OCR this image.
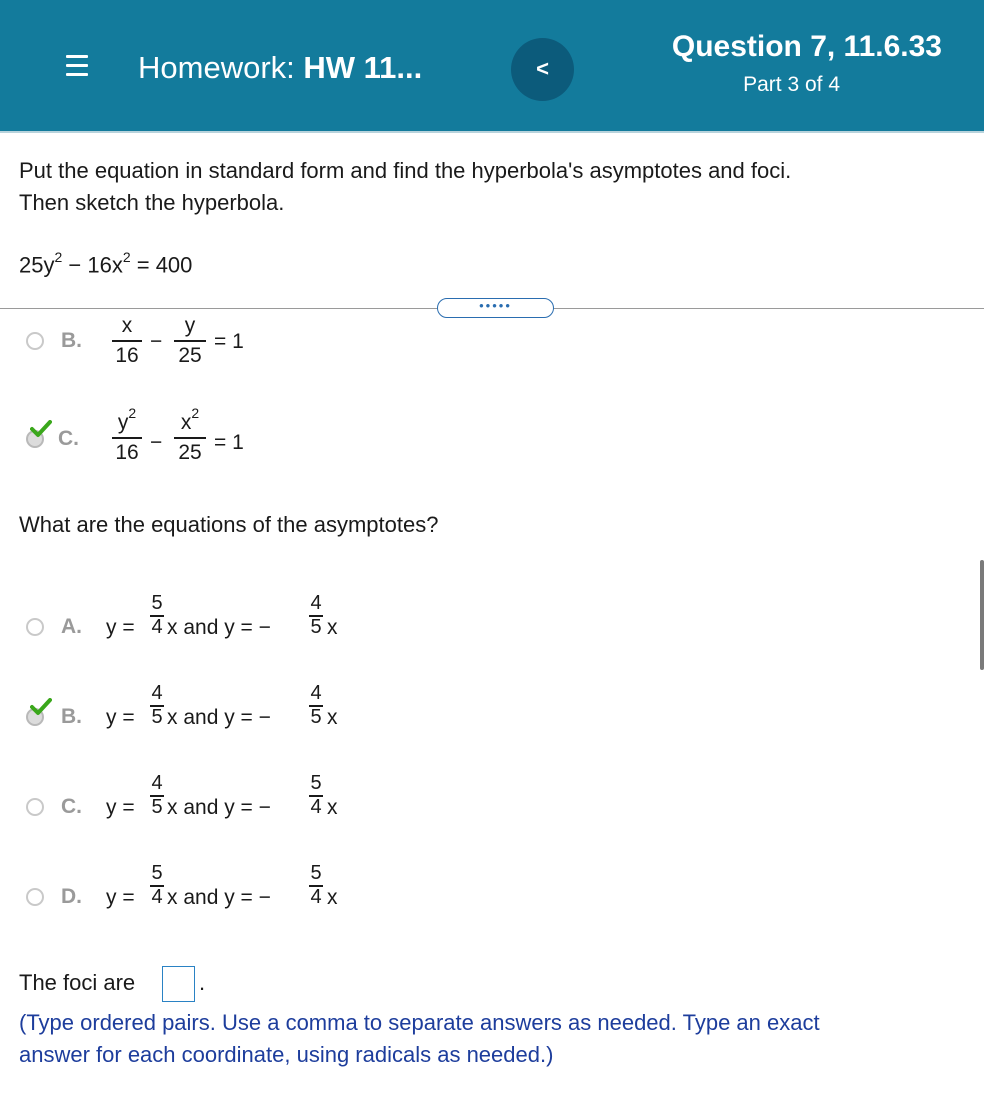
Homework: HW 11...	<
Question 7, 11.6.33
Part 3 of 4
Put the equation in standard form and find the hyperbola's asymptotes and foci.
Then sketch the hyperbola.
$25y^2 - 16x^2 = 400$
•••••
B.
x
16
−
y
25
= 1
C.
$y^2$
16 −
$x^2$
25 = 1
What are the equations of the asymptotes?
A. y =
5
4 x and y = −
4
5 x
B. y =
4
5 x and y = −
4
5 x
C. y =
4
5 x and y = −
5
4 x
D. y =
5
4 x and y = −
5
4 x
The foci are	.
(Type ordered pairs. Use a comma to separate answers as needed. Type an exact
answer for each coordinate, using radicals as needed.)
